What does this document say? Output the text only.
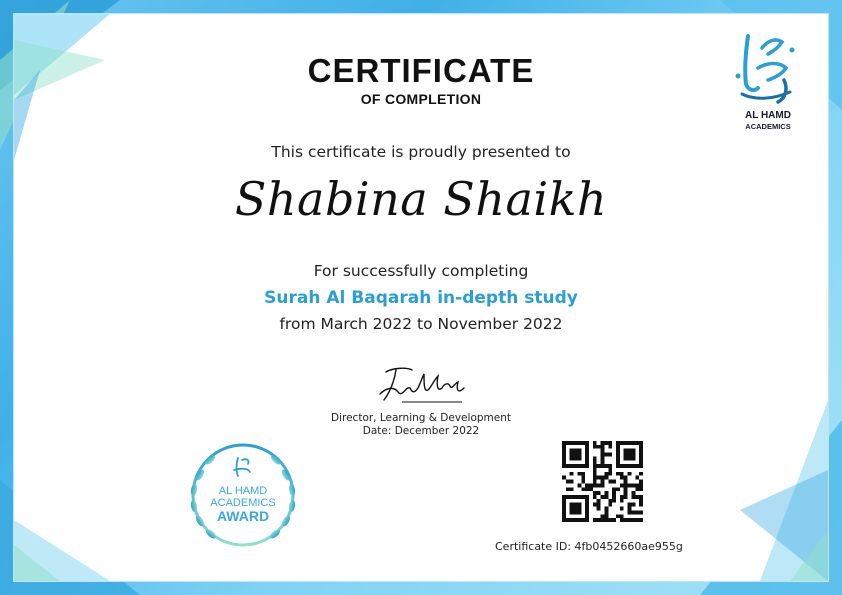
CERTIFICATE
OF COMPLETION
This certificate is proudly presented to
Shabina Shaikh
For successfully completing
Surah Al Baqarah in-depth study
from March 2022 to November 2022
Director, Learning & Development
Date: December 2022
AL HAMD
ACADEMICS
AL HAMD
ACADEMICS
AWARD
Certificate ID: 4fb0452660ae955g
